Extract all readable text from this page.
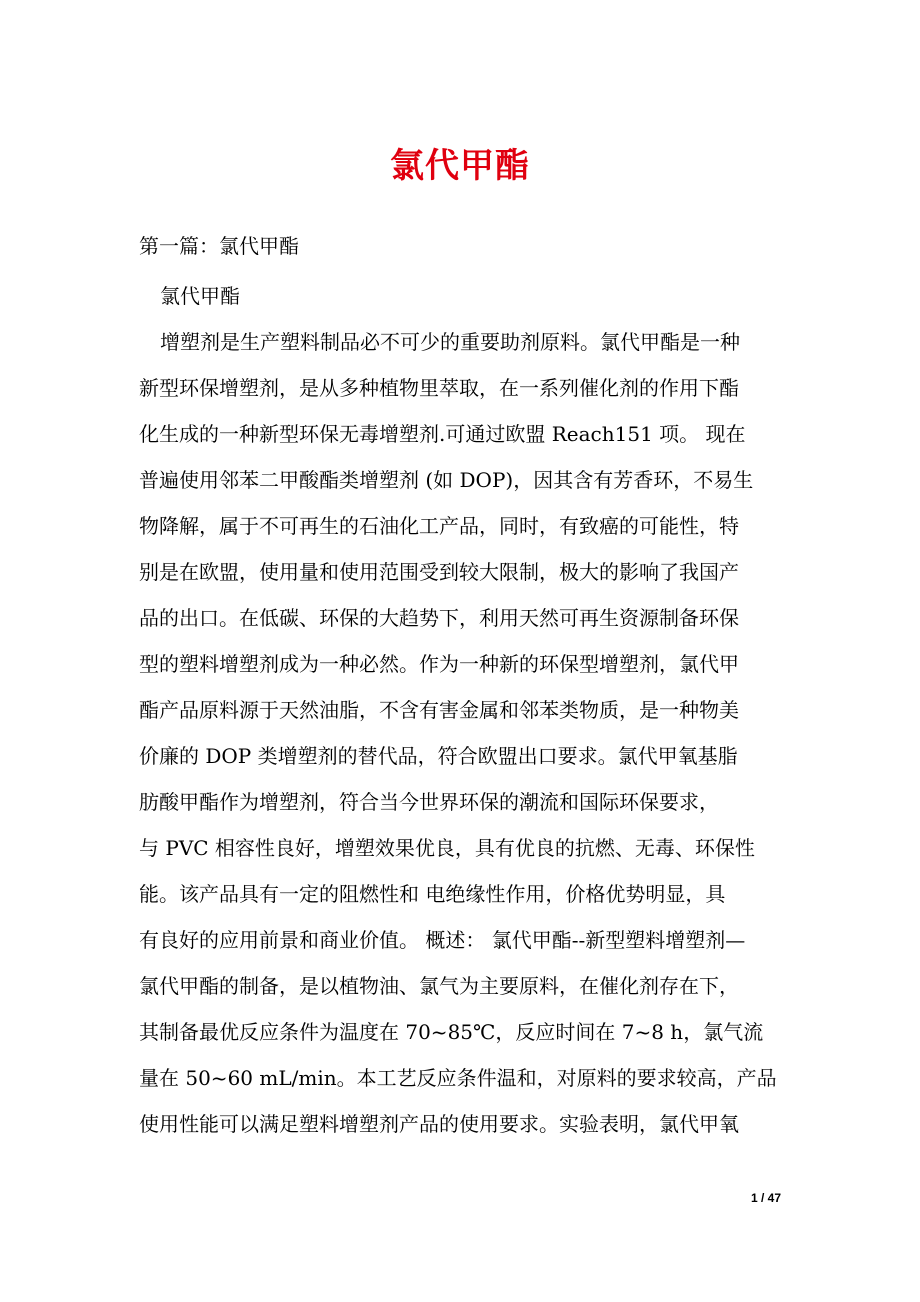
氯代甲酯
第一篇：氯代甲酯
氯代甲酯
增塑剂是生产塑料制品必不可少的重要助剂原料。氯代甲酯是一种
新型环保增塑剂，是从多种植物里萃取，在一系列催化剂的作用下酯
化生成的一种新型环保无毒增塑剂.可通过欧盟 Reach151 项。 现在
普遍使用邻苯二甲酸酯类增塑剂 (如 DOP)，因其含有芳香环，不易生
物降解，属于不可再生的石油化工产品，同时，有致癌的可能性，特
别是在欧盟，使用量和使用范围受到较大限制，极大的影响了我国产
品的出口。在低碳、环保的大趋势下，利用天然可再生资源制备环保
型的塑料增塑剂成为一种必然。作为一种新的环保型增塑剂，氯代甲
酯产品原料源于天然油脂，不含有害金属和邻苯类物质，是一种物美
价廉的 DOP 类增塑剂的替代品，符合欧盟出口要求。氯代甲氧基脂
肪酸甲酯作为增塑剂，符合当今世界环保的潮流和国际环保要求，
与 PVC 相容性良好，增塑效果优良，具有优良的抗燃、无毒、环保性
能。该产品具有一定的阻燃性和 电绝缘性作用，价格优势明显，具
有良好的应用前景和商业价值。 概述： 氯代甲酯--新型塑料增塑剂—
氯代甲酯的制备，是以植物油、氯气为主要原料，在催化剂存在下，
其制备最优反应条件为温度在 70~85℃，反应时间在 7~8 h，氯气流
量在 50~60 mL/min。本工艺反应条件温和，对原料的要求较高，产品
使用性能可以满足塑料增塑剂产品的使用要求。实验表明，氯代甲氧
1 / 47
